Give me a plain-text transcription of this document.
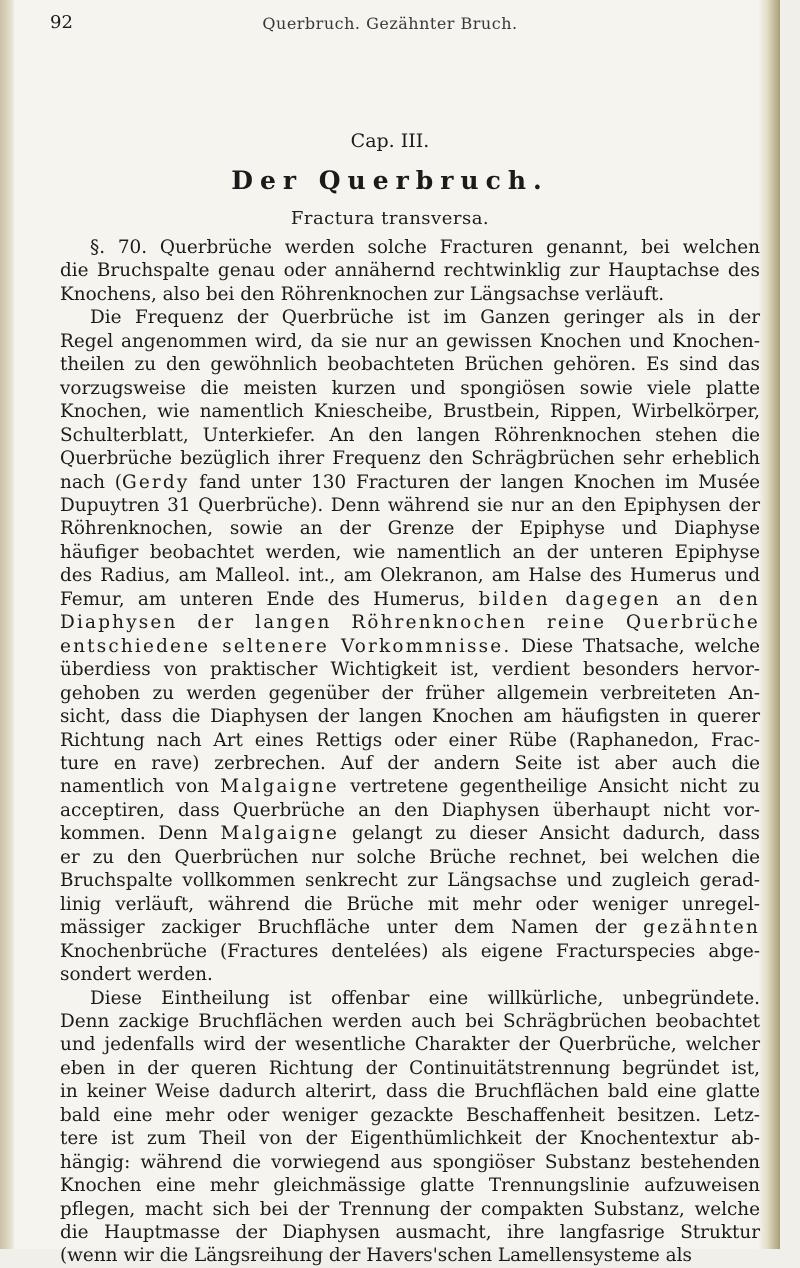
92	Querbruch. Gezähnter Bruch.
Cap. III.
Der Querbruch.
Fractura transversa.
§. 70. Querbrüche werden solche Fracturen genannt, bei welchen
die Bruchspalte genau oder annähernd rechtwinklig zur Hauptachse des
Knochens, also bei den Röhrenknochen zur Längsachse verläuft.
Die Frequenz der Querbrüche ist im Ganzen geringer als in der
Regel angenommen wird, da sie nur an gewissen Knochen und Knochen-
theilen zu den gewöhnlich beobachteten Brüchen gehören. Es sind das
vorzugsweise die meisten kurzen und spongiösen sowie viele platte
Knochen, wie namentlich Kniescheibe, Brustbein, Rippen, Wirbelkörper,
Schulterblatt, Unterkiefer. An den langen Röhrenknochen stehen die
Querbrüche bezüglich ihrer Frequenz den Schrägbrüchen sehr erheblich
nach (Gerdy fand unter 130 Fracturen der langen Knochen im Musée
Dupuytren 31 Querbrüche). Denn während sie nur an den Epiphysen der
Röhrenknochen, sowie an der Grenze der Epiphyse und Diaphyse
häufiger beobachtet werden, wie namentlich an der unteren Epiphyse
des Radius, am Malleol. int., am Olekranon, am Halse des Humerus und
Femur, am unteren Ende des Humerus, bilden dagegen an den
Diaphysen der langen Röhrenknochen reine Querbrüche
entschiedene seltenere Vorkommnisse. Diese Thatsache, welche
überdiess von praktischer Wichtigkeit ist, verdient besonders hervor-
gehoben zu werden gegenüber der früher allgemein verbreiteten An-
sicht, dass die Diaphysen der langen Knochen am häufigsten in querer
Richtung nach Art eines Rettigs oder einer Rübe (Raphanedon, Frac-
ture en rave) zerbrechen. Auf der andern Seite ist aber auch die
namentlich von Malgaigne vertretene gegentheilige Ansicht nicht zu
acceptiren, dass Querbrüche an den Diaphysen überhaupt nicht vor-
kommen. Denn Malgaigne gelangt zu dieser Ansicht dadurch, dass
er zu den Querbrüchen nur solche Brüche rechnet, bei welchen die
Bruchspalte vollkommen senkrecht zur Längsachse und zugleich gerad-
linig verläuft, während die Brüche mit mehr oder weniger unregel-
mässiger zackiger Bruchfläche unter dem Namen der gezähnten
Knochenbrüche (Fractures dentelées) als eigene Fracturspecies abge-
sondert werden.
Diese Eintheilung ist offenbar eine willkürliche, unbegründete.
Denn zackige Bruchflächen werden auch bei Schrägbrüchen beobachtet
und jedenfalls wird der wesentliche Charakter der Querbrüche, welcher
eben in der queren Richtung der Continuitätstrennung begründet ist,
in keiner Weise dadurch alterirt, dass die Bruchflächen bald eine glatte
bald eine mehr oder weniger gezackte Beschaffenheit besitzen. Letz-
tere ist zum Theil von der Eigenthümlichkeit der Knochentextur ab-
hängig: während die vorwiegend aus spongiöser Substanz bestehenden
Knochen eine mehr gleichmässige glatte Trennungslinie aufzuweisen
pflegen, macht sich bei der Trennung der compakten Substanz, welche
die Hauptmasse der Diaphysen ausmacht, ihre langfasrige Struktur
(wenn wir die Längsreihung der Havers'schen Lamellensysteme als
